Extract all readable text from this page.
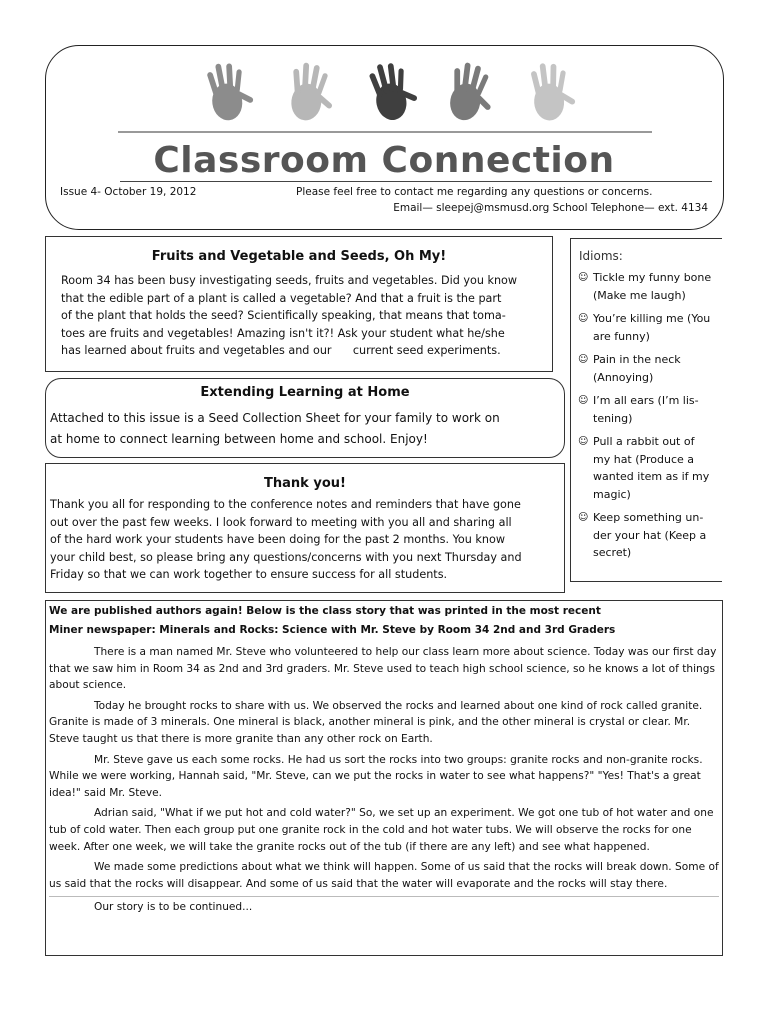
Classroom Connection
Issue 4- October 19, 2012	Please feel free to contact me regarding any questions or concerns.
Email— sleepej@msmusd.org School Telephone— ext. 4134
Fruits and Vegetable and Seeds, Oh My!
Room 34 has been busy investigating seeds, fruits and vegetables. Did you know
that the edible part of a plant is called a vegetable? And that a fruit is the part
of the plant that holds the seed? Scientifically speaking, that means that toma-
toes are fruits and vegetables! Amazing isn't it?! Ask your student what he/she
has learned about fruits and vegetables and our      current seed experiments.
Extending Learning at Home
Attached to this issue is a Seed Collection Sheet for your family to work on
at home to connect learning between home and school. Enjoy!
Thank you!
Thank you all for responding to the conference notes and reminders that have gone
out over the past few weeks. I look forward to meeting with you all and sharing all
of the hard work your students have been doing for the past 2 months. You know
your child best, so please bring any questions/concerns with you next Thursday and
Friday so that we can work together to ensure success for all students.
Idioms:
☺ Tickle my funny bone
(Make me laugh)
☺ You’re killing me (You
are funny)
☺ Pain in the neck
(Annoying)
☺ I’m all ears (I’m lis-
tening)
☺ Pull a rabbit out of
my hat (Produce a
wanted item as if my
magic)
☺ Keep something un-
der your hat (Keep a
secret)
We are published authors again! Below is the class story that was printed in the most recent
Miner newspaper: Minerals and Rocks: Science with Mr. Steve by Room 34 2nd and 3rd Graders
There is a man named Mr. Steve who volunteered to help our class learn more about science. Today was our first day that we saw him in Room 34 as 2nd and 3rd graders. Mr. Steve used to teach high school science, so he knows a lot of things about science.
Today he brought rocks to share with us. We observed the rocks and learned about one kind of rock called granite. Granite is made of 3 minerals. One mineral is black, another mineral is pink, and the other mineral is crystal or clear. Mr. Steve taught us that there is more granite than any other rock on Earth.
Mr. Steve gave us each some rocks. He had us sort the rocks into two groups: granite rocks and non-granite rocks. While we were working, Hannah said, "Mr. Steve, can we put the rocks in water to see what happens?" "Yes! That's a great idea!" said Mr. Steve.
Adrian said, "What if we put hot and cold water?" So, we set up an experiment. We got one tub of hot water and one tub of cold water. Then each group put one granite rock in the cold and hot water tubs. We will observe the rocks for one week. After one week, we will take the granite rocks out of the tub (if there are any left) and see what happened.
We made some predictions about what we think will happen. Some of us said that the rocks will break down. Some of us said that the rocks will disappear. And some of us said that the water will evaporate and the rocks will stay there.
Our story is to be continued...
